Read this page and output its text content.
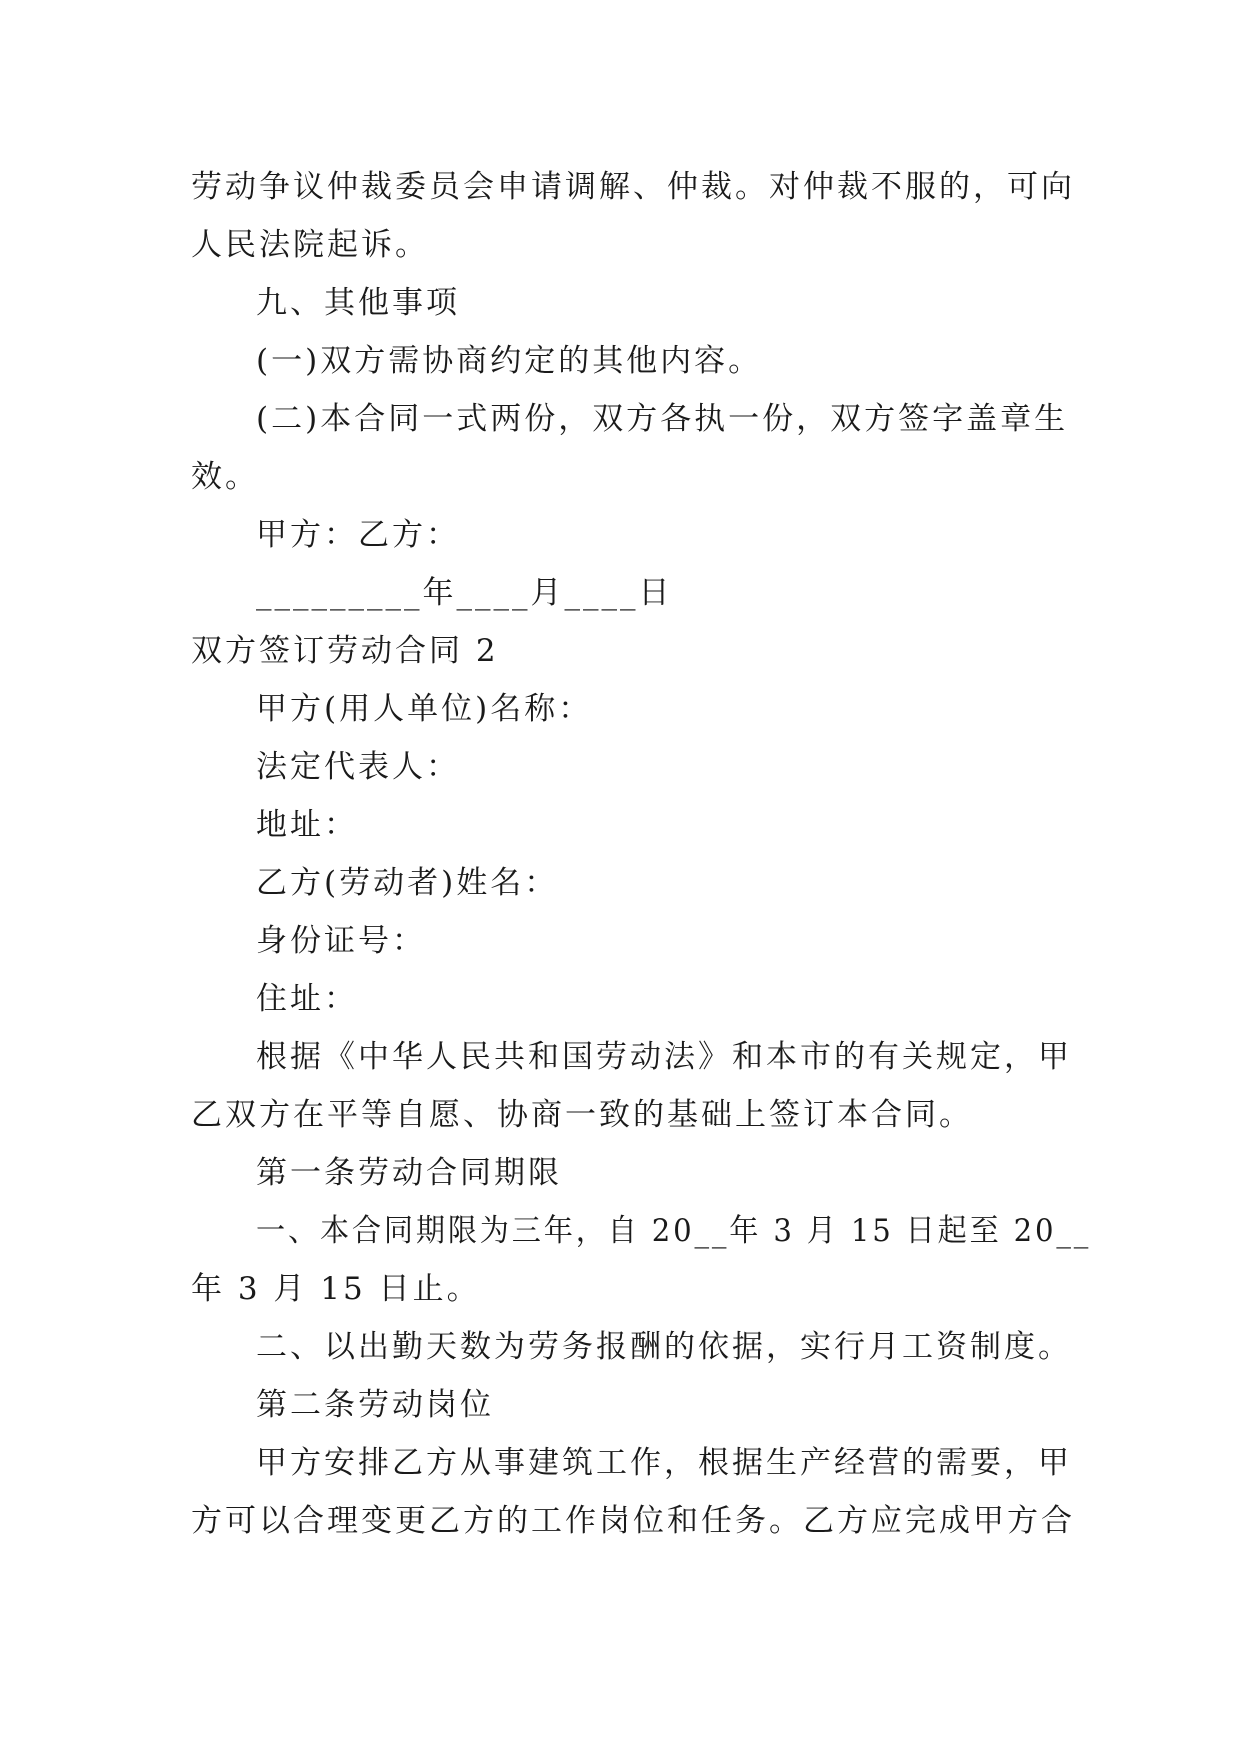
劳动争议仲裁委员会申请调解、仲裁。对仲裁不服的，可向
人民法院起诉。
九、其他事项
(一)双方需协商约定的其他内容。
(二)本合同一式两份，双方各执一份，双方签字盖章生
效。
甲方：乙方：
_________年____月____日
双方签订劳动合同 2
甲方(用人单位)名称：
法定代表人：
地址：
乙方(劳动者)姓名：
身份证号：
住址：
根据《中华人民共和国劳动法》和本市的有关规定，甲
乙双方在平等自愿、协商一致的基础上签订本合同。
第一条劳动合同期限
一、本合同期限为三年，自 20__年 3 月 15 日起至 20__
年 3 月 15 日止。
二、以出勤天数为劳务报酬的依据，实行月工资制度。
第二条劳动岗位
甲方安排乙方从事建筑工作，根据生产经营的需要，甲
方可以合理变更乙方的工作岗位和任务。乙方应完成甲方合
